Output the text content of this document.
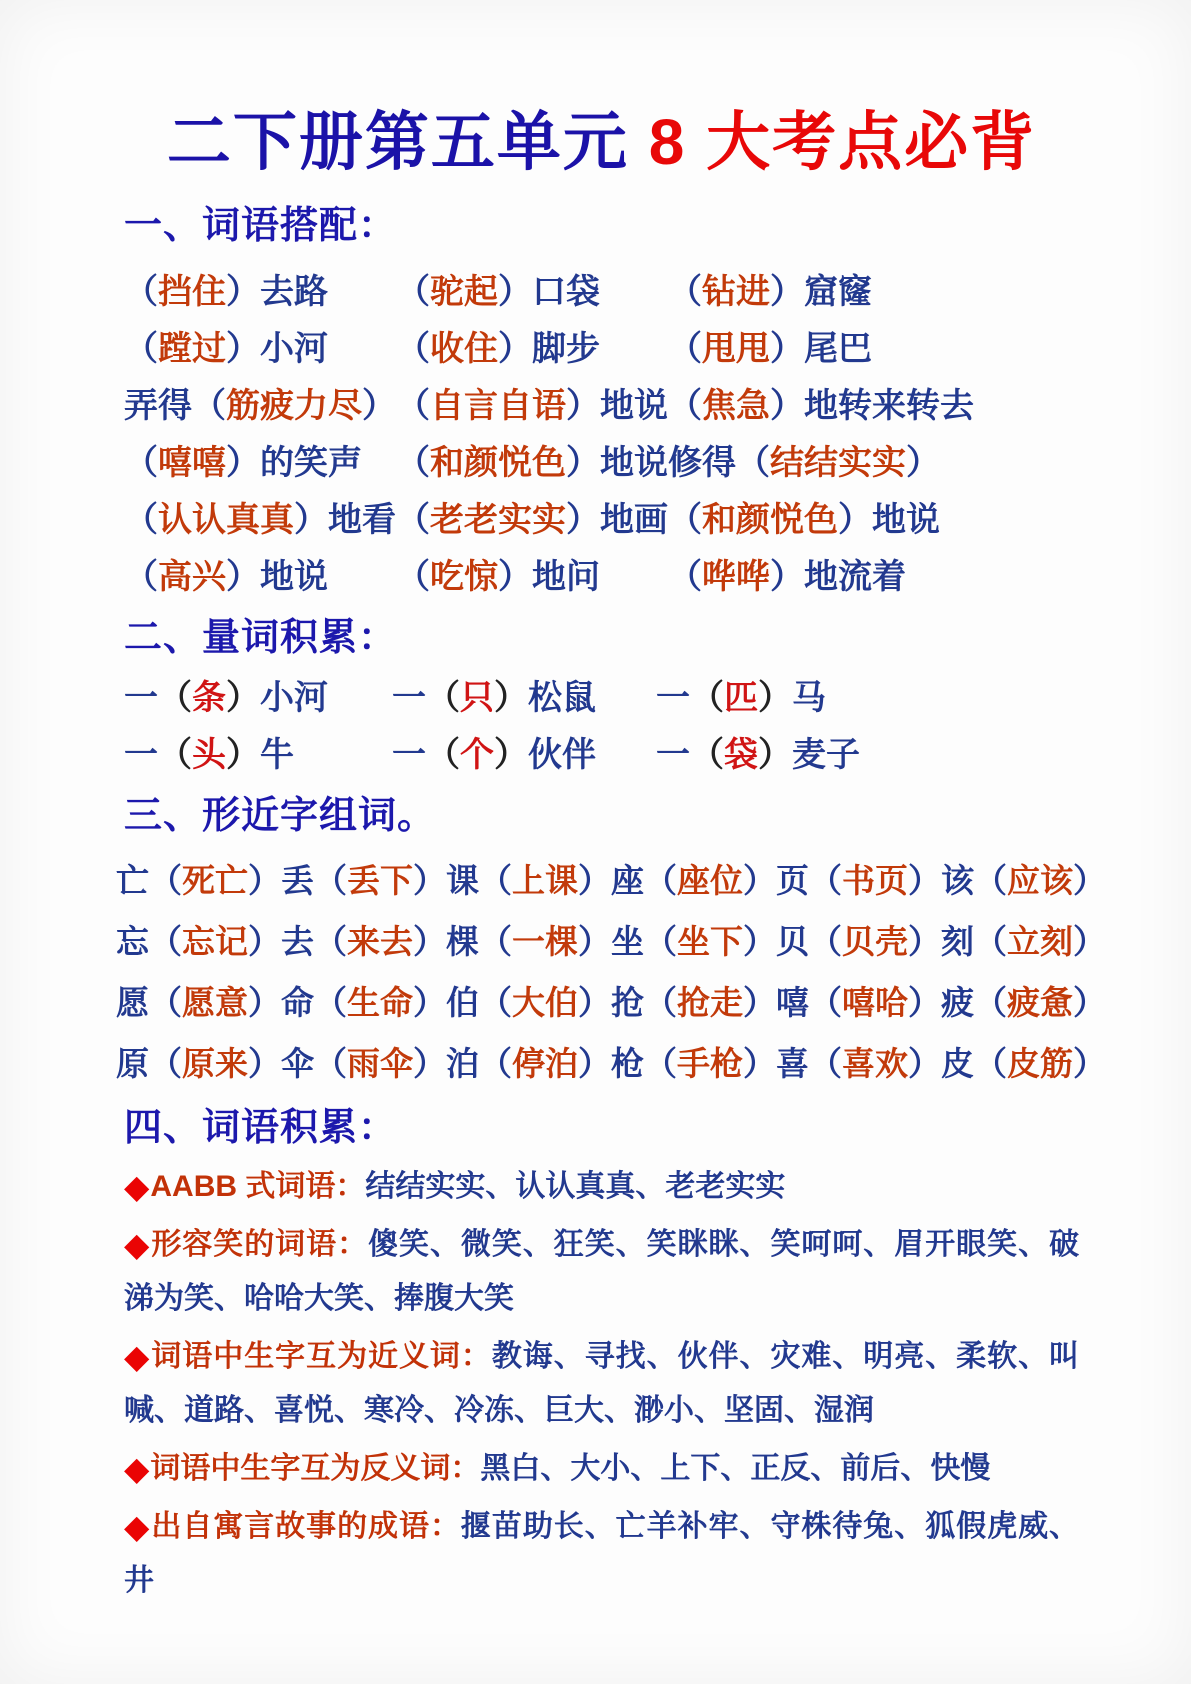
二下册第五单元 8 大考点必背
一、词语搭配：
（挡住）去路	（驼起）口袋	（钻进）窟窿
（蹚过）小河	（收住）脚步	（甩甩）尾巴
弄得（筋疲力尽） （自言自语）地说 （焦急）地转来转去
（嘻嘻）的笑声	（和颜悦色）地说 修得（结结实实）
（认认真真）地看 （老老实实）地画 （和颜悦色）地说
（高兴）地说	（吃惊）地问	（哗哗）地流着
二、量词积累：
一（条）小河	一（只）松鼠	一（匹）马
一（头）牛	一（个）伙伴	一（袋）麦子
三、形近字组词。
亡（死亡） 丢（丢下） 课（上课） 座（座位） 页（书页） 该（应该）
忘（忘记） 去（来去） 棵（一棵） 坐（坐下） 贝（贝壳） 刻（立刻）
愿（愿意） 命（生命） 伯（大伯） 抢（抢走） 嘻（嘻哈） 疲（疲惫）
原（原来） 伞（雨伞） 泊（停泊） 枪（手枪） 喜（喜欢） 皮（皮筋）
四、词语积累：

◆AABB 式词语：结结实实、认认真真、老老实实

◆形容笑的词语：傻笑、微笑、狂笑、笑眯眯、笑呵呵、眉开眼笑、破涕为笑、哈哈大笑、捧腹大笑

◆词语中生字互为近义词：教诲、寻找、伙伴、灾难、明亮、柔软、叫喊、道路、喜悦、寒冷、冷冻、巨大、渺小、坚固、湿润

◆词语中生字互为反义词：黑白、大小、上下、正反、前后、快慢

◆出自寓言故事的成语：揠苗助长、亡羊补牢、守株待兔、狐假虎威、井
